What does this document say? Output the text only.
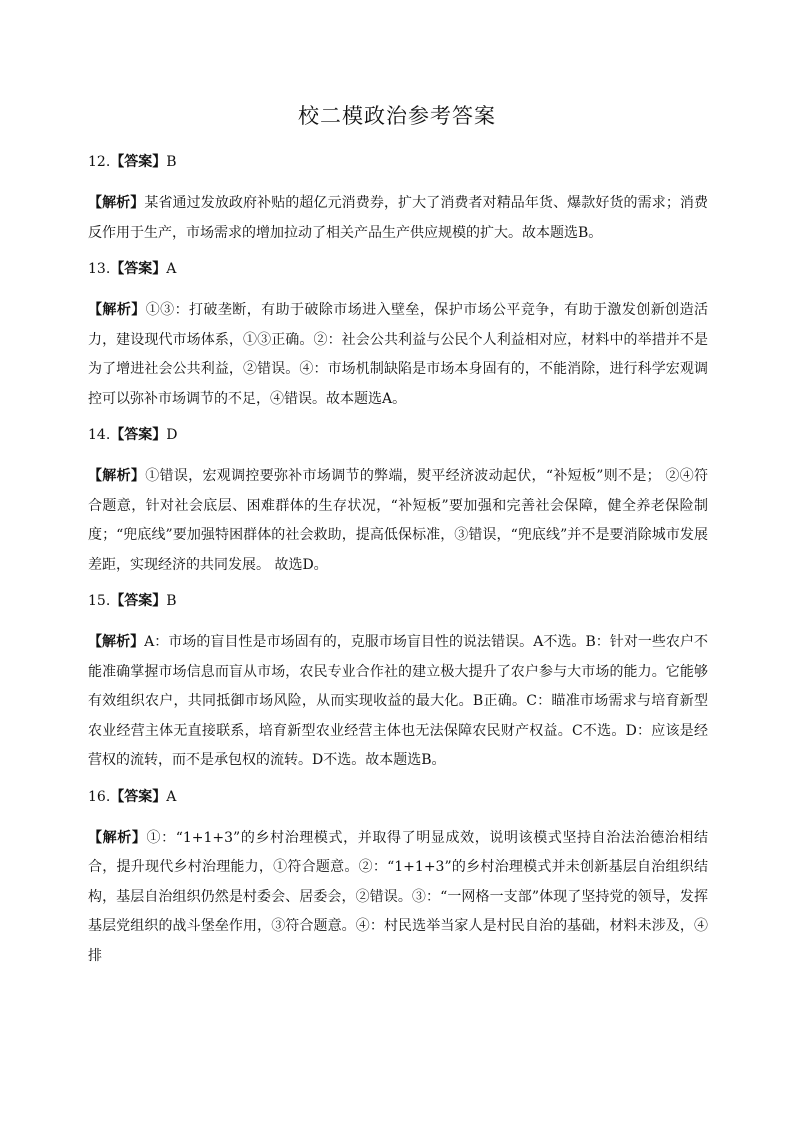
校二模政治参考答案
12.【答案】B
【解析】某省通过发放政府补贴的超亿元消费券，扩大了消费者对精品年货、爆款好货的需求；消费反作用于生产，市场需求的增加拉动了相关产品生产供应规模的扩大。故本题选B。
13.【答案】A
【解析】①③：打破垄断，有助于破除市场进入壁垒，保护市场公平竞争，有助于激发创新创造活力，建设现代市场体系，①③正确。②：社会公共利益与公民个人利益相对应，材料中的举措并不是为了增进社会公共利益，②错误。④：市场机制缺陷是市场本身固有的，不能消除，进行科学宏观调控可以弥补市场调节的不足，④错误。故本题选A。
14.【答案】D
【解析】①错误，宏观调控要弥补市场调节的弊端，熨平经济波动起伏，“补短板”则不是； ②④符合题意，针对社会底层、困难群体的生存状况，“补短板”要加强和完善社会保障，健全养老保险制度；“兜底线”要加强特困群体的社会救助，提高低保标准，③错误，“兜底线”并不是要消除城市发展差距，实现经济的共同发展。 故选D。
15.【答案】B
【解析】A：市场的盲目性是市场固有的，克服市场盲目性的说法错误。A不选。B：针对一些农户不能准确掌握市场信息而盲从市场，农民专业合作社的建立极大提升了农户参与大市场的能力。它能够有效组织农户，共同抵御市场风险，从而实现收益的最大化。B正确。C：瞄准市场需求与培育新型农业经营主体无直接联系，培育新型农业经营主体也无法保障农民财产权益。C不选。D：应该是经营权的流转，而不是承包权的流转。D不选。故本题选B。
16.【答案】A
【解析】①：“1+1+3”的乡村治理模式，并取得了明显成效，说明该模式坚持自治法治德治相结合，提升现代乡村治理能力，①符合题意。②：“1+1+3”的乡村治理模式并未创新基层自治组织结构，基层自治组织仍然是村委会、居委会，②错误。③：“一网格一支部”体现了坚持党的领导，发挥基层党组织的战斗堡垒作用，③符合题意。④：村民选举当家人是村民自治的基础，材料未涉及，④排
